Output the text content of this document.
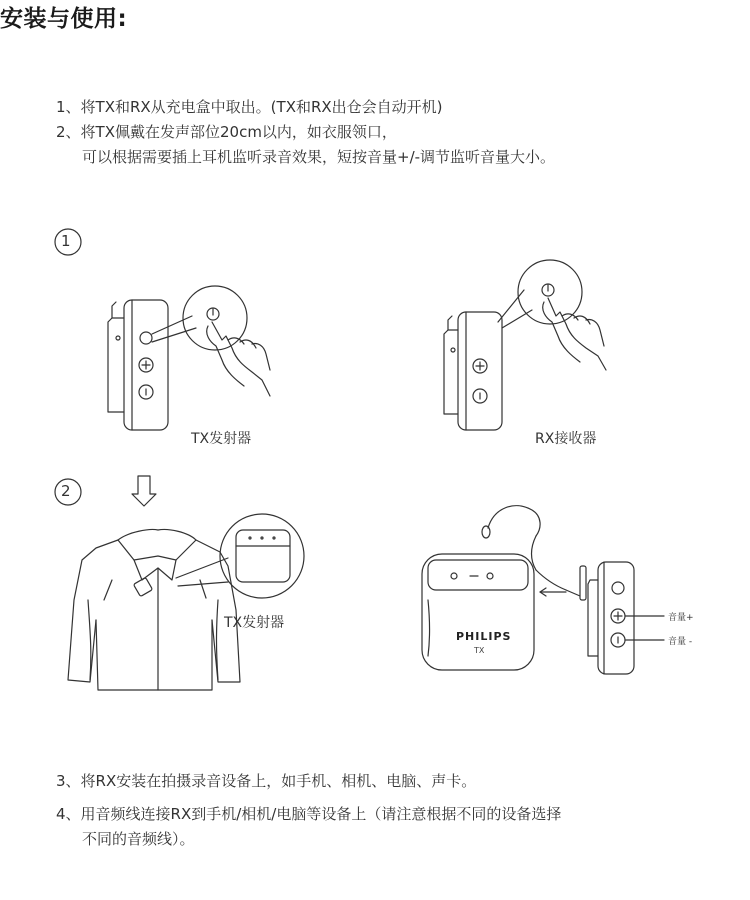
安装与使用:
1、将TX和RX从充电盒中取出。(TX和RX出仓会自动开机)
2、将TX佩戴在发声部位20cm以内，如衣服领口，
可以根据需要插上耳机监听录音效果，短按音量+/-调节监听音量大小。
1
2
TX发射器	RX接收器
TX发射器
PHILIPS
TX
音量+
音量 -
3、将RX安装在拍摄录音设备上，如手机、相机、电脑、声卡。
4、用音频线连接RX到手机/相机/电脑等设备上（请注意根据不同的设备选择
不同的音频线）。
